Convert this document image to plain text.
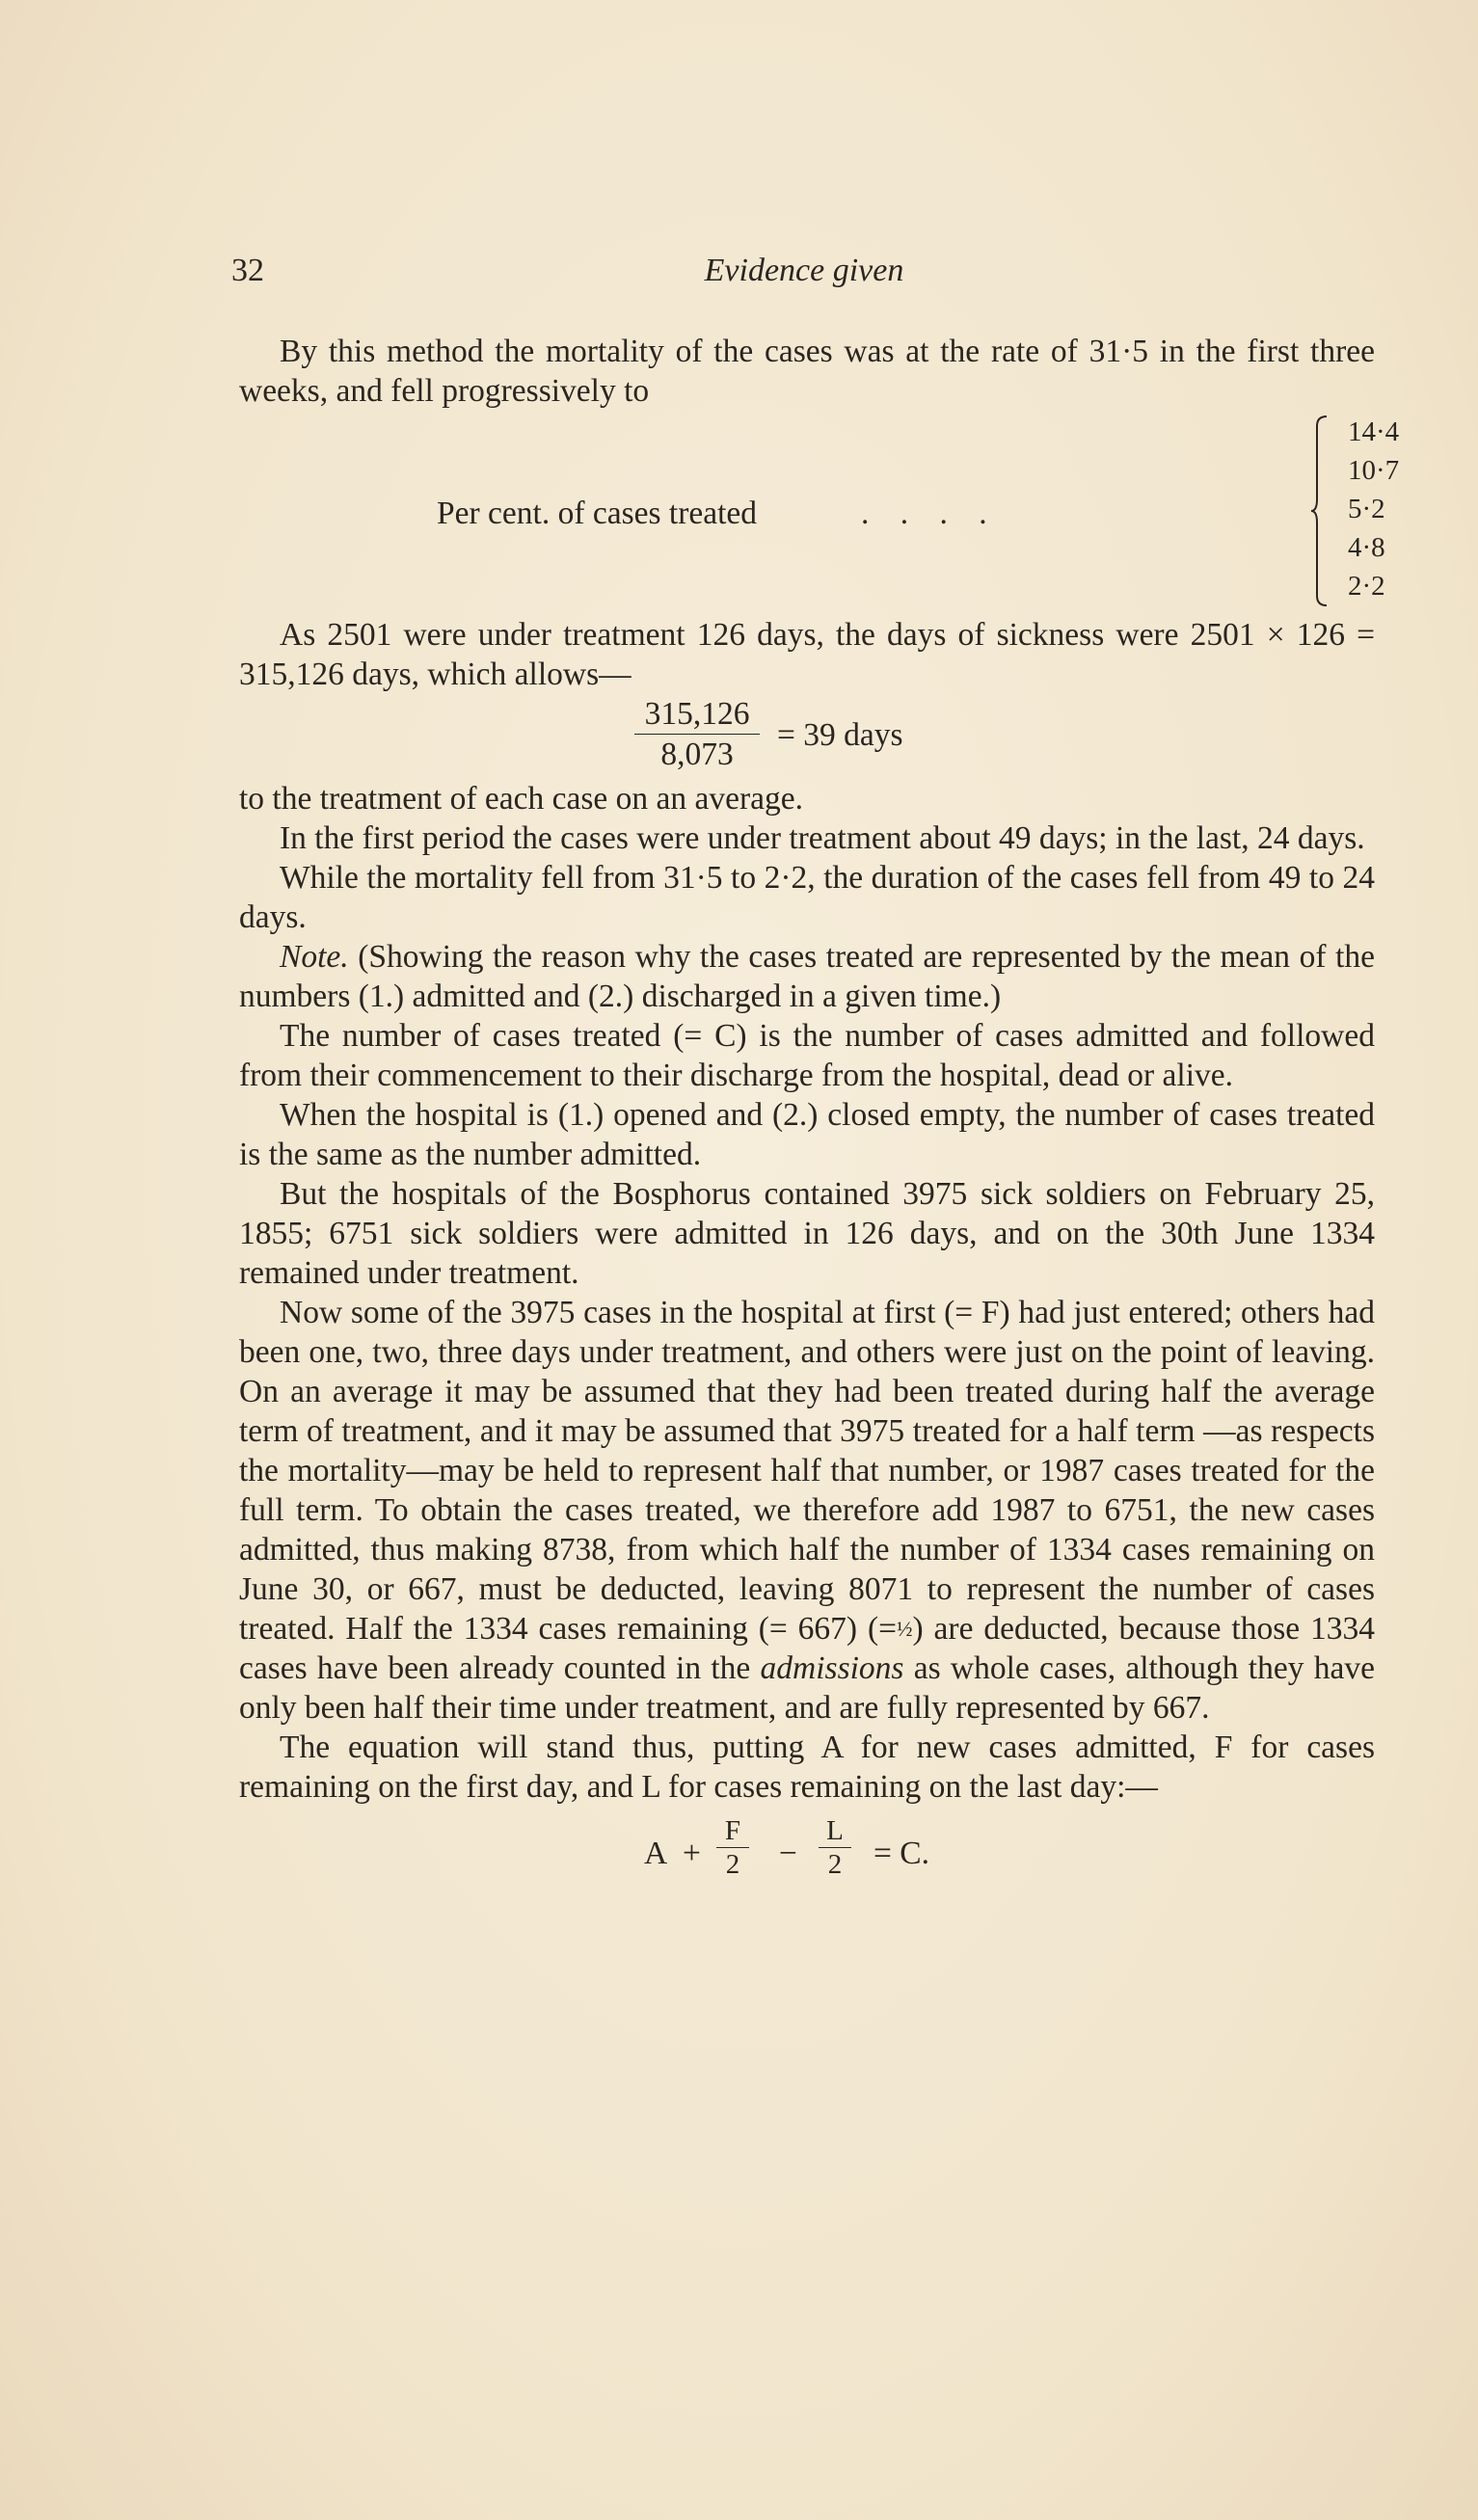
32	Evidence given

By this method the mortality of the cases was at the rate of 31·5 in the first three weeks, and fell progressively to

Per cent. of cases treated	. . . .
14·4
10·7
5·2
4·8
2·2

As 2501 were under treatment 126 days, the days of sickness were 2501 × 126 = 315,126 days, which allows—

315,126
8,073
= 39 days

to the treatment of each case on an average.

In the first period the cases were under treatment about 49 days; in the last, 24 days.

While the mortality fell from 31·5 to 2·2, the duration of the cases fell from 49 to 24 days.

Note. (Showing the reason why the cases treated are represented by the mean of the numbers (1.) admitted and (2.) discharged in a given time.)

The number of cases treated (= C) is the number of cases admitted and followed from their commencement to their discharge from the hospital, dead or alive.

When the hospital is (1.) opened and (2.) closed empty, the number of cases treated is the same as the number admitted.

But the hospitals of the Bosphorus contained 3975 sick soldiers on February 25, 1855; 6751 sick soldiers were admitted in 126 days, and on the 30th June 1334 remained under treatment.

Now some of the 3975 cases in the hospital at first (= F) had just entered; others had been one, two, three days under treatment, and others were just on the point of leaving. On an average it may be assumed that they had been treated during half the average term of treatment, and it may be assumed that 3975 treated for a half term —as respects the mortality—may be held to represent half that number, or 1987 cases treated for the full term. To obtain the cases treated, we therefore add 1987 to 6751, the new cases admitted, thus making 8738, from which half the number of 1334 cases remaining on June 30, or 667, must be deducted, leaving 8071 to represent the number of cases treated. Half the 1334 cases remaining (= 667) (=½) are deducted, because those 1334 cases have been already counted in the admissions as whole cases, although they have only been half their time under treatment, and are fully represented by 667.

The equation will stand thus, putting A for new cases admitted, F for cases remaining on the first day, and L for cases remaining on the last day:—

A +
F
2	−
L
2 = C.
